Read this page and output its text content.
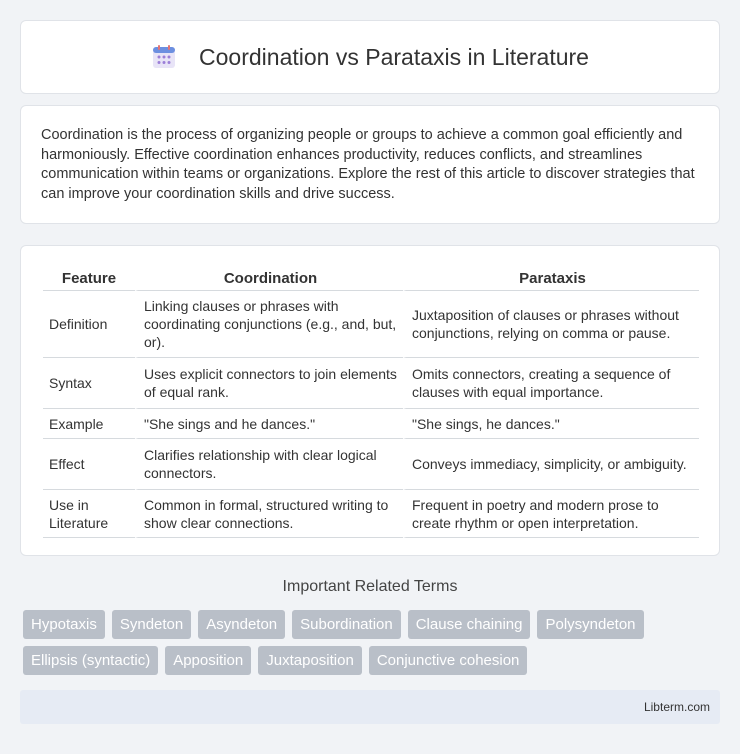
Coordination vs Parataxis in Literature

Coordination is the process of organizing people or groups to achieve a common goal efficiently and harmoniously. Effective coordination enhances productivity, reduces conflicts, and streamlines communication within teams or organizations. Explore the rest of this article to discover strategies that can improve your coordination skills and drive success.

Feature	Coordination	Parataxis
Definition	Linking clauses or phrases with coordinating conjunctions (e.g., and, but, or).	Juxtaposition of clauses or phrases without conjunctions, relying on comma or pause.
Syntax	Uses explicit connectors to join elements of equal rank.	Omits connectors, creating a sequence of clauses with equal importance.
Example	"She sings and he dances."	"She sings, he dances."
Effect	Clarifies relationship with clear logical connectors.	Conveys immediacy, simplicity, or ambiguity.
Use in Literature	Common in formal, structured writing to show clear connections.	Frequent in poetry and modern prose to create rhythm or open interpretation.
Important Related Terms
Hypotaxis	Syndeton	Asyndeton	Subordination	Clause chaining	Polysyndeton
Ellipsis (syntactic)	Apposition	Juxtaposition	Conjunctive cohesion
Libterm.com
